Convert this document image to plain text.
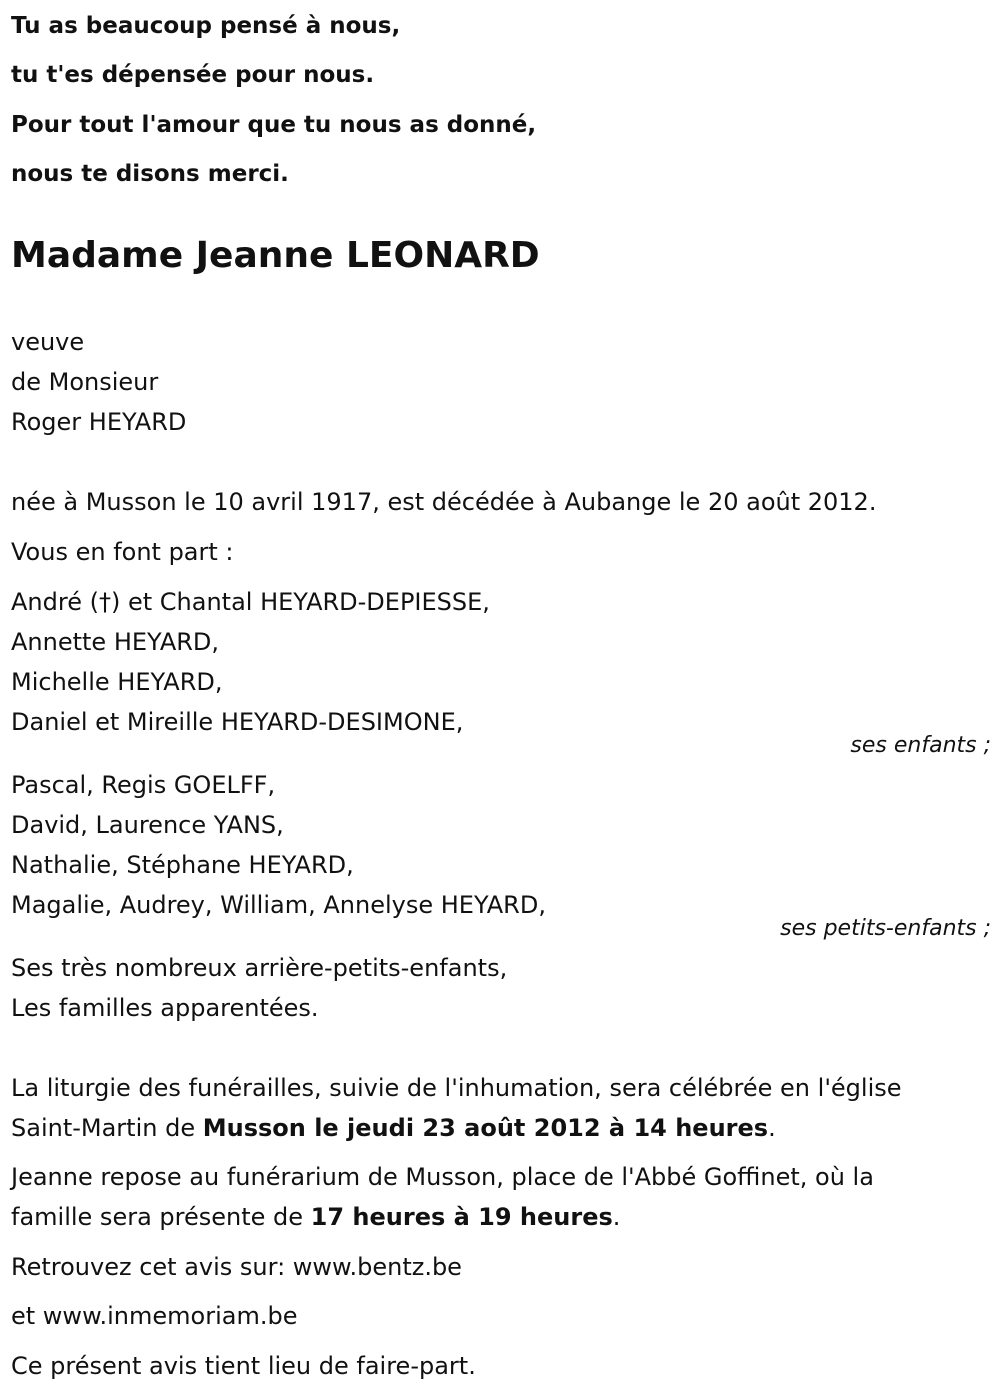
Tu as beaucoup pensé à nous,
tu t'es dépensée pour nous.
Pour tout l'amour que tu nous as donné,
nous te disons merci.
Madame Jeanne LEONARD
veuve
de Monsieur
Roger HEYARD
née à Musson le 10 avril 1917, est décédée à Aubange le 20 août 2012.
Vous en font part :
André (†) et Chantal HEYARD-DEPIESSE,
Annette HEYARD,
Michelle HEYARD,
Daniel et Mireille HEYARD-DESIMONE,
ses enfants ;
Pascal, Regis GOELFF,
David, Laurence YANS,
Nathalie, Stéphane HEYARD,
Magalie, Audrey, William, Annelyse HEYARD,
ses petits-enfants ;
Ses très nombreux arrière-petits-enfants,
Les familles apparentées.
La liturgie des funérailles, suivie de l'inhumation, sera célébrée en l'église
Saint-Martin de Musson le jeudi 23 août 2012 à 14 heures.
Jeanne repose au funérarium de Musson, place de l'Abbé Goffinet, où la
famille sera présente de 17 heures à 19 heures.
Retrouvez cet avis sur: www.bentz.be
et www.inmemoriam.be
Ce présent avis tient lieu de faire-part.
